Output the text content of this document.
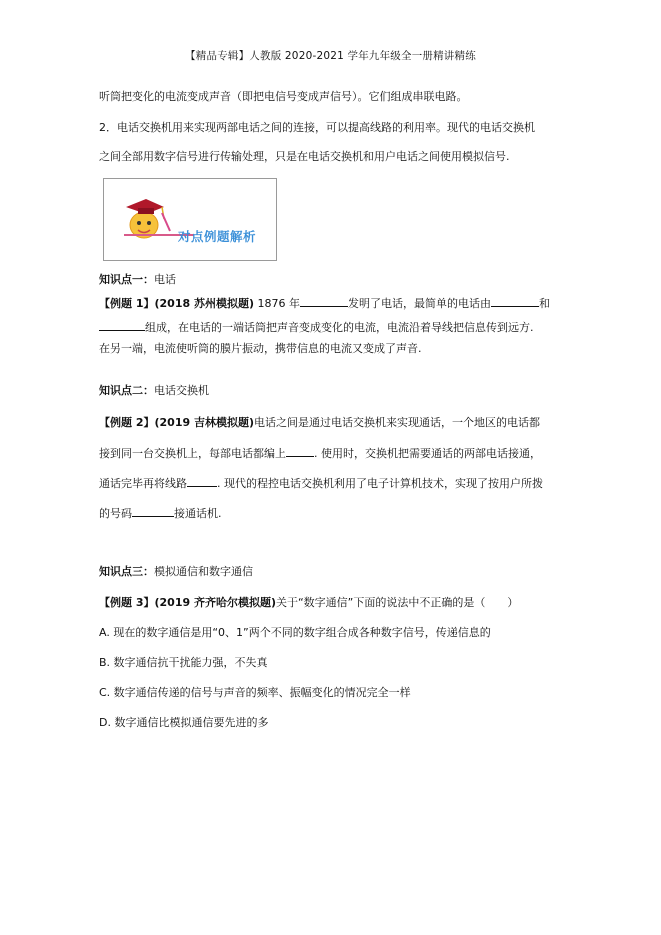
【精品专辑】人教版 2020-2021 学年九年级全一册精讲精练
听筒把变化的电流变成声音（即把电信号变成声信号）。它们组成串联电路。
2．电话交换机用来实现两部电话之间的连接，可以提高线路的利用率。现代的电话交换机
之间全部用数字信号进行传输处理，只是在电话交换机和用户电话之间使用模拟信号.
对点例题解析
知识点一：电话
【例题 1】(2018 苏州模拟题) 1876 年	发明了电话，最简单的电话由	和
组成，在电话的一端话筒把声音变成变化的电流，电流沿着导线把信息传到远方.
在另一端，电流使听筒的膜片振动，携带信息的电流又变成了声音.
知识点二：电话交换机
【例题 2】(2019 吉林模拟题)电话之间是通过电话交换机来实现通话，一个地区的电话都
接到同一台交换机上，每部电话都编上	. 使用时，交换机把需要通话的两部电话接通，
通话完毕再将线路	. 现代的程控电话交换机利用了电子计算机技术，实现了按用户所拨
的号码	接通话机.
知识点三：模拟通信和数字通信
【例题 3】(2019 齐齐哈尔模拟题)关于“数字通信”下面的说法中不正确的是（　　）
A. 现在的数字通信是用“0、1”两个不同的数字组合成各种数字信号，传递信息的
B. 数字通信抗干扰能力强，不失真
C. 数字通信传递的信号与声音的频率、振幅变化的情况完全一样
D. 数字通信比模拟通信要先进的多
